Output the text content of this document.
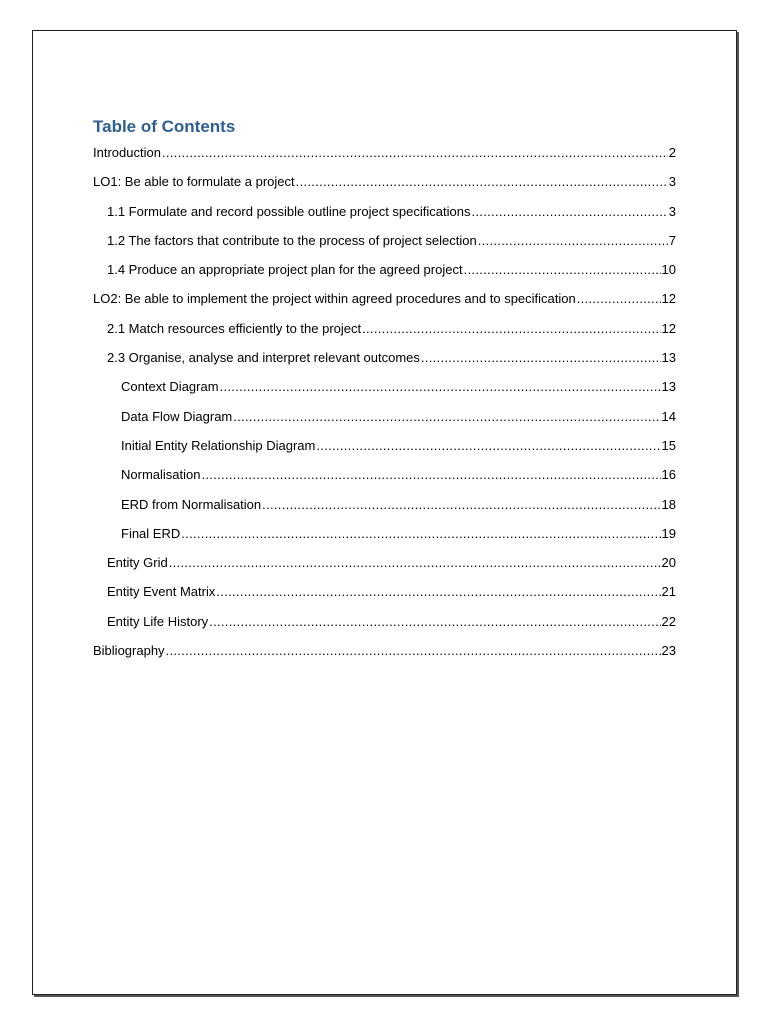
Table of Contents
Introduction .....	2
LO1: Be able to formulate a project .....	3
1.1 Formulate and record possible outline project specifications .....	3
1.2 The factors that contribute to the process of project selection .....	7
1.4 Produce an appropriate project plan for the agreed project .....	10
LO2: Be able to implement the project within agreed procedures and to specification .....	12
2.1 Match resources efficiently to the project .....	12
2.3 Organise, analyse and interpret relevant outcomes .....	13
Context Diagram .....	13
Data Flow Diagram .....	14
Initial Entity Relationship Diagram .....	15
Normalisation .....	16
ERD from Normalisation .....	18
Final ERD .....	19
Entity Grid .....	20
Entity Event Matrix .....	21
Entity Life History .....	22
Bibliography .....	23
